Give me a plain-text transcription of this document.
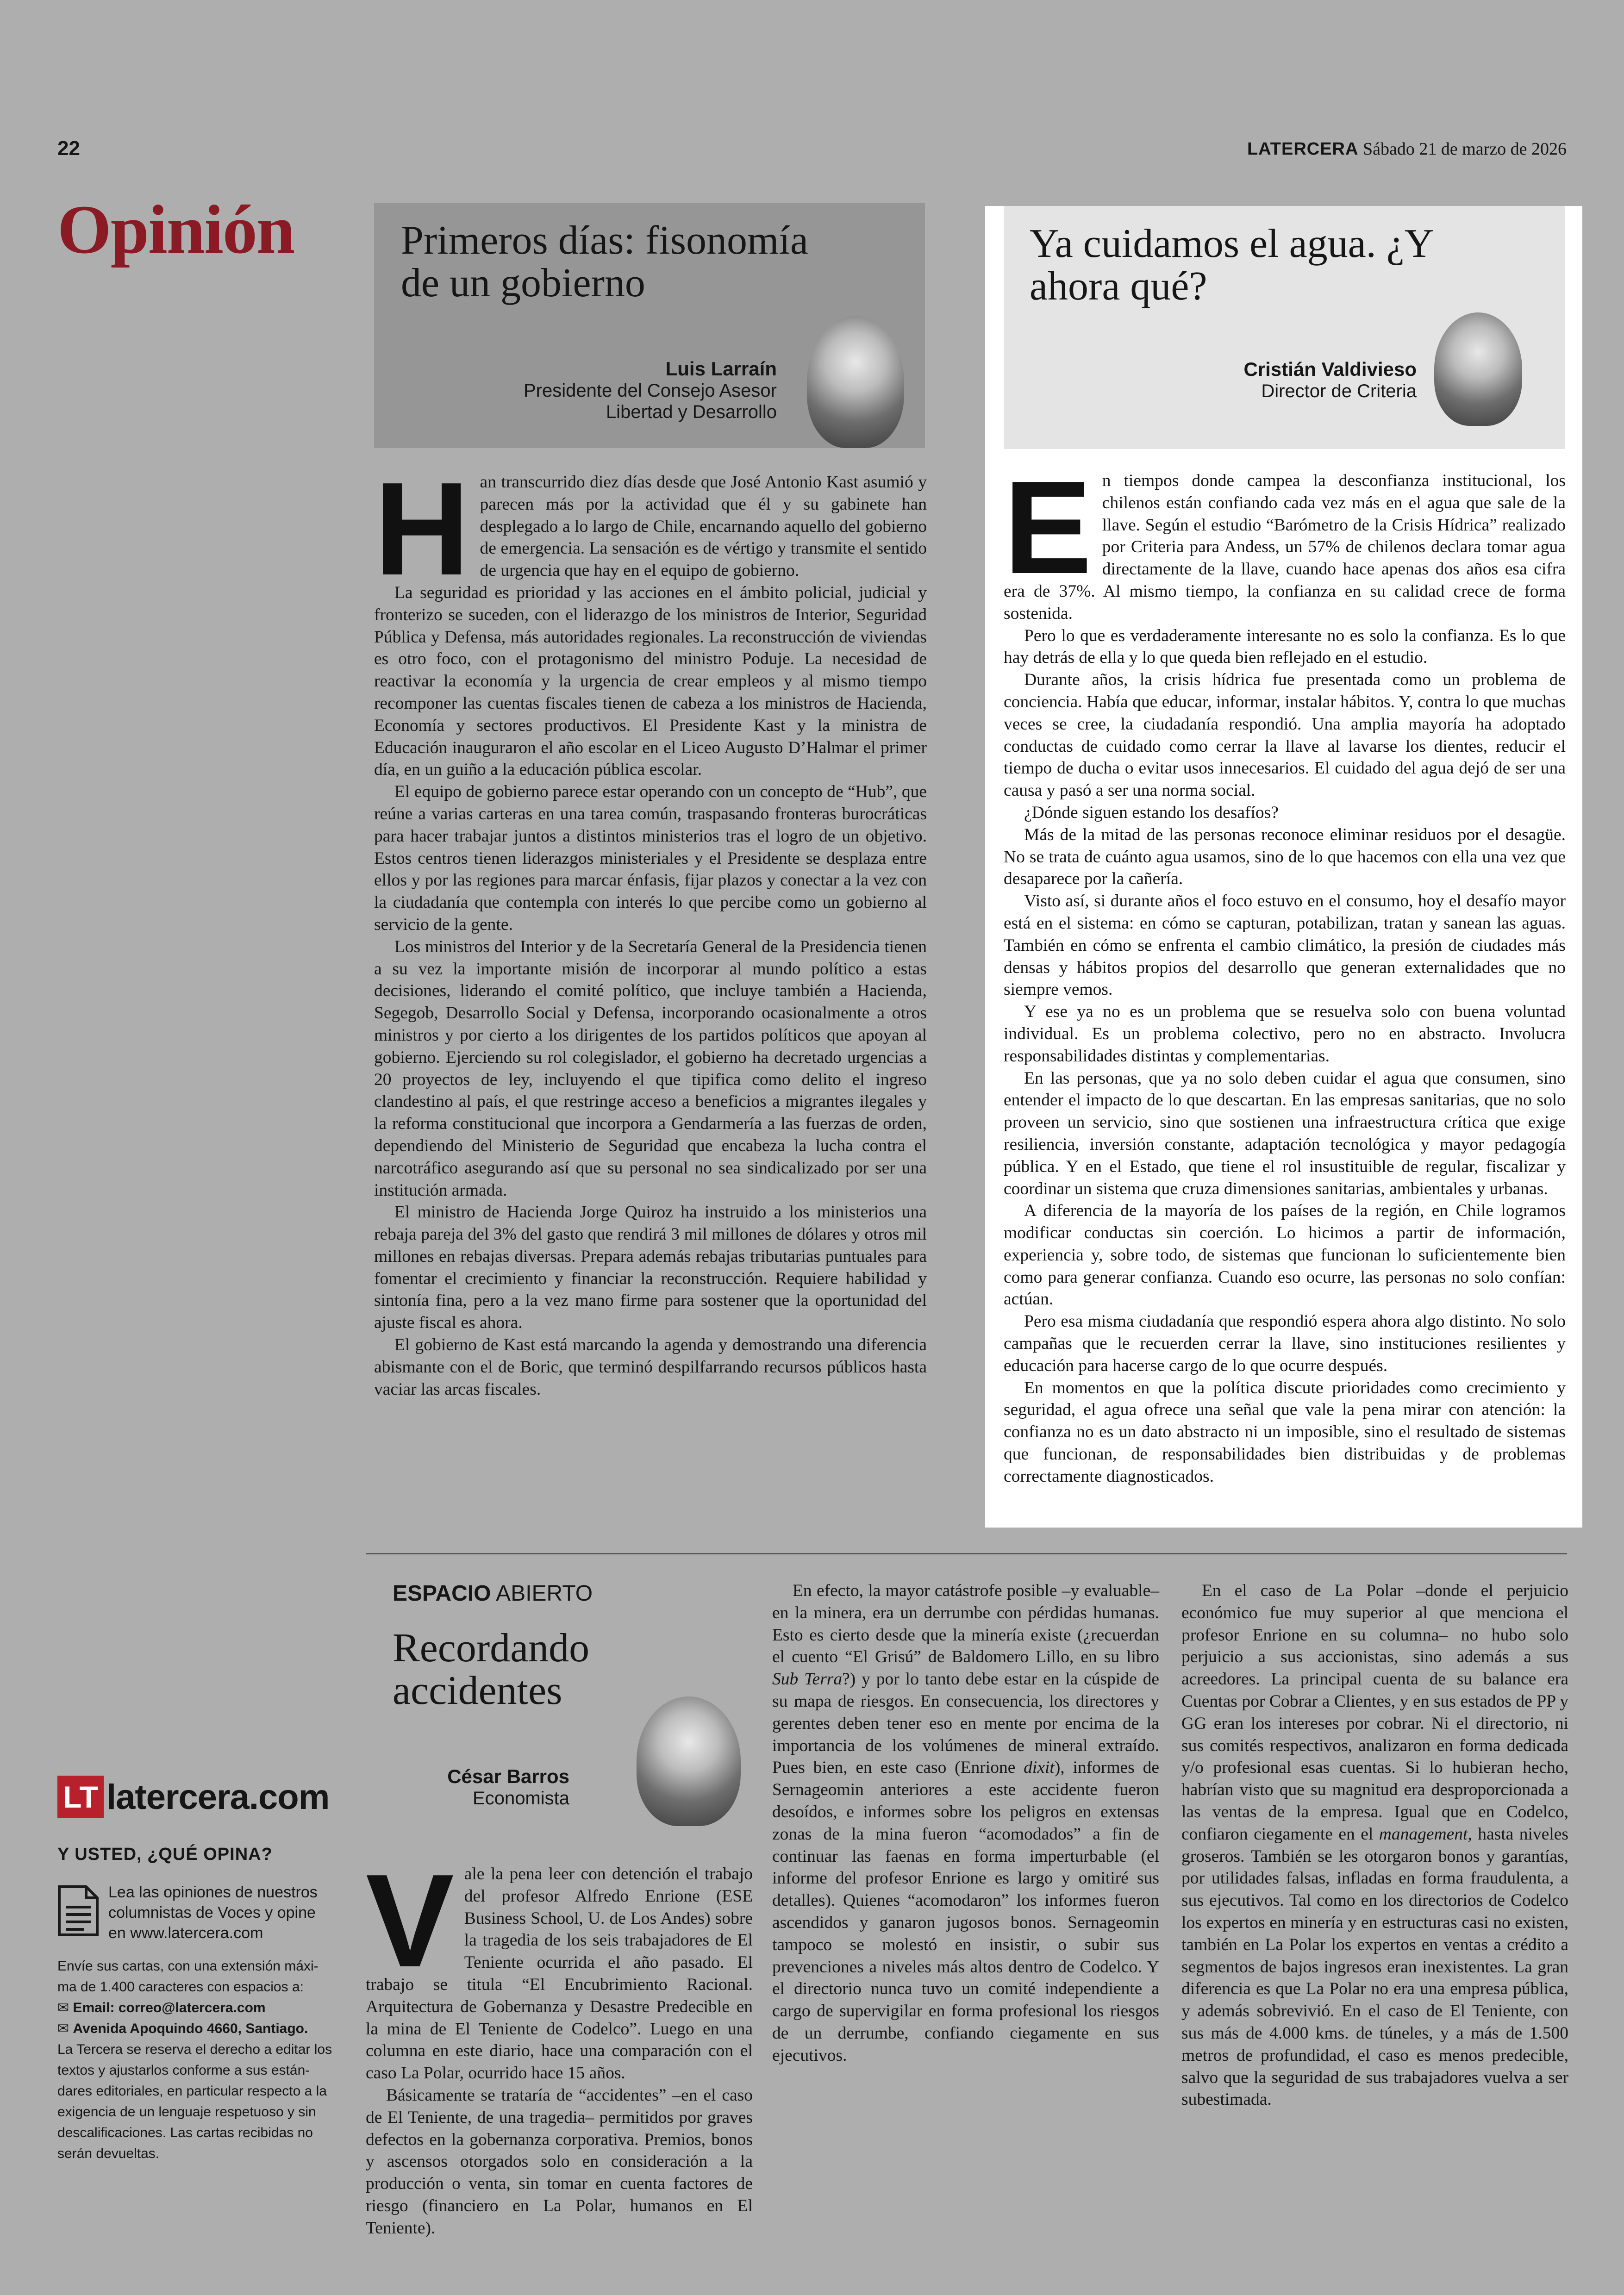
22	LATERCERA Sábado 21 de marzo de 2026
Opinión	Primeros días: fisonomía
de un gobierno
Luis Larraín
Presidente del Consejo Asesor
Libertad y Desarrollo
H an transcurrido diez días desde que José Antonio Kast asumió y parecen más por la actividad que él y su gabinete han desplegado a lo largo de Chile, encarnando aquello del gobierno de emergencia. La sensación es de vértigo y transmite el sentido de urgencia que hay en el equipo de gobierno.

La seguridad es prioridad y las acciones en el ámbito policial, judicial y fronterizo se suceden, con el liderazgo de los ministros de Interior, Seguridad Pública y Defensa, más autoridades regionales. La reconstrucción de viviendas es otro foco, con el protagonismo del ministro Poduje. La necesidad de reactivar la economía y la urgencia de crear empleos y al mismo tiempo recomponer las cuentas fiscales tienen de cabeza a los ministros de Hacienda, Economía y sectores productivos. El Presidente Kast y la ministra de Educación inauguraron el año escolar en el Liceo Augusto D’Halmar el primer día, en un guiño a la educación pública escolar.

El equipo de gobierno parece estar operando con un concepto de “Hub”, que reúne a varias carteras en una tarea común, traspasando fronteras burocráticas para hacer trabajar juntos a distintos ministerios tras el logro de un objetivo. Estos centros tienen liderazgos ministeriales y el Presidente se desplaza entre ellos y por las regiones para marcar énfasis, fijar plazos y conectar a la vez con la ciudadanía que contempla con interés lo que percibe como un gobierno al servicio de la gente.

Los ministros del Interior y de la Secretaría General de la Presidencia tienen a su vez la importante misión de incorporar al mundo político a estas decisiones, liderando el comité político, que incluye también a Hacienda, Segegob, Desarrollo Social y Defensa, incorporando ocasionalmente a otros ministros y por cierto a los dirigentes de los partidos políticos que apoyan al gobierno. Ejerciendo su rol colegislador, el gobierno ha decretado urgencias a 20 proyectos de ley, incluyendo el que tipifica como delito el ingreso clandestino al país, el que restringe acceso a beneficios a migrantes ilegales y la reforma constitucional que incorpora a Gendarmería a las fuerzas de orden, dependiendo del Ministerio de Seguridad que encabeza la lucha contra el narcotráfico asegurando así que su personal no sea sindicalizado por ser una institución armada.

El ministro de Hacienda Jorge Quiroz ha instruido a los ministerios una rebaja pareja del 3% del gasto que rendirá 3 mil millones de dólares y otros mil millones en rebajas diversas. Prepara además rebajas tributarias puntuales para fomentar el crecimiento y financiar la reconstrucción. Requiere habilidad y sintonía fina, pero a la vez mano firme para sostener que la oportunidad del ajuste fiscal es ahora.

El gobierno de Kast está marcando la agenda y demostrando una diferencia abismante con el de Boric, que terminó despilfarrando recursos públicos hasta vaciar las arcas fiscales.

Ya cuidamos el agua. ¿Y
ahora qué?
Cristián Valdivieso
Director de Criteria
E n tiempos donde campea la desconfianza institucional, los chilenos están confiando cada vez más en el agua que sale de la llave. Según el estudio “Barómetro de la Crisis Hídrica” realizado por Criteria para Andess, un 57% de chilenos declara tomar agua directamente de la llave, cuando hace apenas dos años esa cifra era de 37%. Al mismo tiempo, la confianza en su calidad crece de forma sostenida.

Pero lo que es verdaderamente interesante no es solo la confianza. Es lo que hay detrás de ella y lo que queda bien reflejado en el estudio.

Durante años, la crisis hídrica fue presentada como un problema de conciencia. Había que educar, informar, instalar hábitos. Y, contra lo que muchas veces se cree, la ciudadanía respondió. Una amplia mayoría ha adoptado conductas de cuidado como cerrar la llave al lavarse los dientes, reducir el tiempo de ducha o evitar usos innecesarios. El cuidado del agua dejó de ser una causa y pasó a ser una norma social.

¿Dónde siguen estando los desafíos?

Más de la mitad de las personas reconoce eliminar residuos por el desagüe. No se trata de cuánto agua usamos, sino de lo que hacemos con ella una vez que desaparece por la cañería.

Visto así, si durante años el foco estuvo en el consumo, hoy el desafío mayor está en el sistema: en cómo se capturan, potabilizan, tratan y sanean las aguas. También en cómo se enfrenta el cambio climático, la presión de ciudades más densas y hábitos propios del desarrollo que generan externalidades que no siempre vemos.

Y ese ya no es un problema que se resuelva solo con buena voluntad individual. Es un problema colectivo, pero no en abstracto. Involucra responsabilidades distintas y complementarias.

En las personas, que ya no solo deben cuidar el agua que consumen, sino entender el impacto de lo que descartan. En las empresas sanitarias, que no solo proveen un servicio, sino que sostienen una infraestructura crítica que exige resiliencia, inversión constante, adaptación tecnológica y mayor pedagogía pública. Y en el Estado, que tiene el rol insustituible de regular, fiscalizar y coordinar un sistema que cruza dimensiones sanitarias, ambientales y urbanas.

A diferencia de la mayoría de los países de la región, en Chile logramos modificar conductas sin coerción. Lo hicimos a partir de información, experiencia y, sobre todo, de sistemas que funcionan lo suficientemente bien como para generar confianza. Cuando eso ocurre, las personas no solo confían: actúan.

Pero esa misma ciudadanía que respondió espera ahora algo distinto. No solo campañas que le recuerden cerrar la llave, sino instituciones resilientes y educación para hacerse cargo de lo que ocurre después.

En momentos en que la política discute prioridades como crecimiento y seguridad, el agua ofrece una señal que vale la pena mirar con atención: la confianza no es un dato abstracto ni un imposible, sino el resultado de sistemas que funcionan, de responsabilidades bien distribuidas y de problemas correctamente diagnosticados.

ESPACIO ABIERTO
Recordando
accidentes
César Barros
Economista
V ale la pena leer con detención el trabajo del profesor Alfredo Enrione (ESE Business School, U. de Los Andes) sobre la tragedia de los seis trabajadores de El Teniente ocurrida el año pasado. El trabajo se titula “El Encubrimiento Racional. Arquitectura de Gobernanza y Desastre Predecible en la mina de El Teniente de Codelco”. Luego en una columna en este diario, hace una comparación con el caso La Polar, ocurrido hace 15 años.

Básicamente se trataría de “accidentes” –en el caso de El Teniente, de una tragedia– permitidos por graves defectos en la gobernanza corporativa. Premios, bonos y ascensos otorgados solo en consideración a la producción o venta, sin tomar en cuenta factores de riesgo (financiero en La Polar, humanos en El Teniente).

En efecto, la mayor catástrofe posible –y evaluable– en la minera, era un derrumbe con pérdidas humanas. Esto es cierto desde que la minería existe (¿recuerdan el cuento “El Grisú” de Baldomero Lillo, en su libro Sub Terra?) y por lo tanto debe estar en la cúspide de su mapa de riesgos. En consecuencia, los directores y gerentes deben tener eso en mente por encima de la importancia de los volúmenes de mineral extraído. Pues bien, en este caso (Enrione dixit), informes de Sernageomin anteriores a este accidente fueron desoídos, e informes sobre los peligros en extensas zonas de la mina fueron “acomodados” a fin de continuar las faenas en forma imperturbable (el informe del profesor Enrione es largo y omitiré sus detalles). Quienes “acomodaron” los informes fueron ascendidos y ganaron jugosos bonos. Sernageomin tampoco se molestó en insistir, o subir sus prevenciones a niveles más altos dentro de Codelco. Y el directorio nunca tuvo un comité independiente a cargo de supervigilar en forma profesional los riesgos de un derrumbe, confiando ciegamente en sus ejecutivos.

En el caso de La Polar –donde el perjuicio económico fue muy superior al que menciona el profesor Enrione en su columna– no hubo solo perjuicio a sus accionistas, sino además a sus acreedores. La principal cuenta de su balance era Cuentas por Cobrar a Clientes, y en sus estados de PP y GG eran los intereses por cobrar. Ni el directorio, ni sus comités respectivos, analizaron en forma dedicada y/o profesional esas cuentas. Si lo hubieran hecho, habrían visto que su magnitud era desproporcionada a las ventas de la empresa. Igual que en Codelco, confiaron ciegamente en el management, hasta niveles groseros. También se les otorgaron bonos y garantías, por utilidades falsas, infladas en forma fraudulenta, a sus ejecutivos. Tal como en los directorios de Codelco los expertos en minería y en estructuras casi no existen, también en La Polar los expertos en ventas a crédito a segmentos de bajos ingresos eran inexistentes. La gran diferencia es que La Polar no era una empresa pública, y además sobrevivió. En el caso de El Teniente, con sus más de 4.000 kms. de túneles, y a más de 1.500 metros de profundidad, el caso es menos predecible, salvo que la seguridad de sus trabajadores vuelva a ser subestimada.

LT latercera.com
Y USTED, ¿QUÉ OPINA?
Lea las opiniones de nuestros
columnistas de Voces y opine
en www.latercera.com
Envíe sus cartas, con una extensión máxi-
ma de 1.400 caracteres con espacios a:
✉ Email: correo@latercera.com
✉ Avenida Apoquindo 4660, Santiago.
La Tercera se reserva el derecho a editar los
textos y ajustarlos conforme a sus están-
dares editoriales, en particular respecto a la
exigencia de un lenguaje respetuoso y sin
descalificaciones. Las cartas recibidas no
serán devueltas.
